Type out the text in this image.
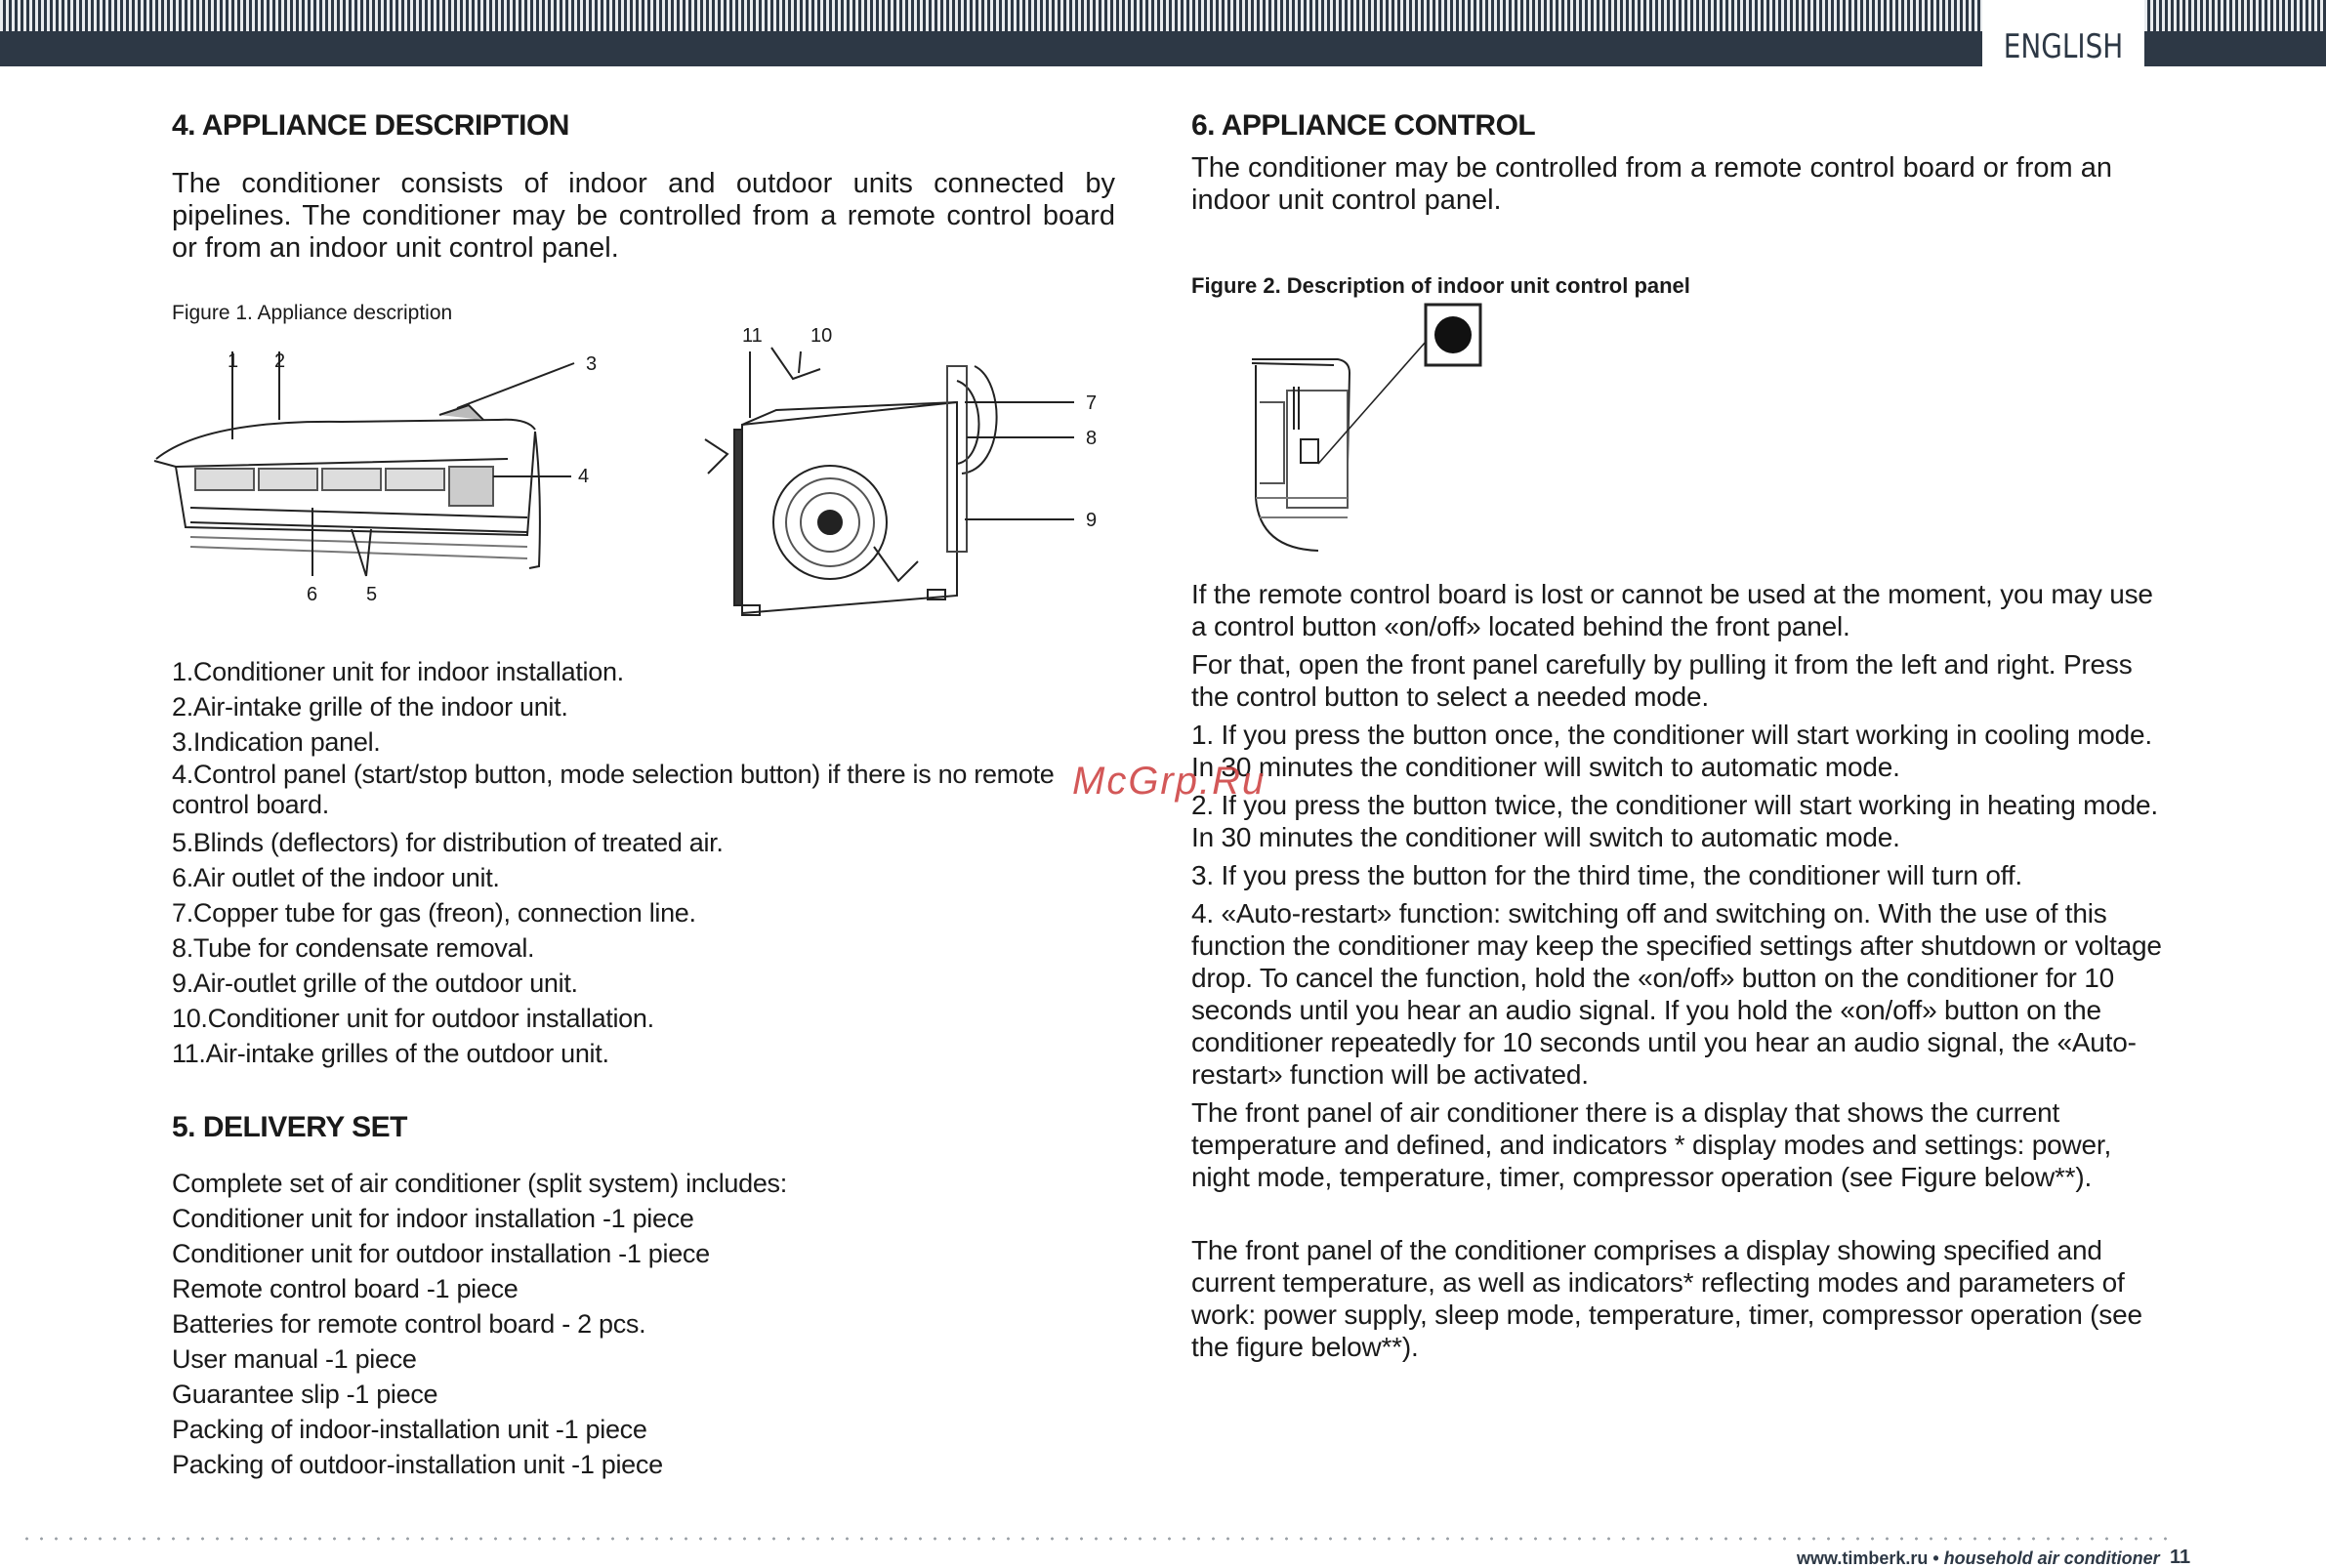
ENGLISH
4. APPLIANCE DESCRIPTION

The conditioner consists of indoor and outdoor units connected by pipelines. The conditioner may be controlled from a remote control board or from an indoor unit control panel.

Figure 1. Appliance description

1 2	3
4
5
6
7
8
9
10
11
1.Conditioner unit for indoor installation.
2.Air-intake grille of the indoor unit.
3.Indication panel.
4.Control panel (start/stop button, mode selection button) if there is no remote control board.
5.Blinds (deflectors) for distribution of treated air.
6.Air outlet of the indoor unit.
7.Copper tube for gas (freon), connection line.
8.Tube for condensate removal.
9.Air-outlet grille of the outdoor unit.
10.Conditioner unit for outdoor installation.
11.Air-intake grilles of the outdoor unit.
5. DELIVERY SET
Complete set of air conditioner (split system) includes:
Conditioner unit for indoor installation -1 piece
Conditioner unit for outdoor installation -1 piece
Remote control board -1 piece
Batteries for remote control board - 2 pcs.
User manual -1 piece
Guarantee slip -1 piece
Packing of indoor-installation unit -1 piece
Packing of outdoor-installation unit -1 piece
6. APPLIANCE CONTROL

The conditioner may be controlled from a remote control board or from an indoor unit control panel.

Figure 2. Description of indoor unit control panel

If the remote control board is lost or cannot be used at the moment, you may use a control button «on/off» located behind the front panel.

For that, open the front panel carefully by pulling it from the left and right. Press the control button to select a needed mode.

1. If you press the button once, the conditioner will start working in cooling mode. In 30 minutes the conditioner will switch to automatic mode.

2. If you press the button twice, the conditioner will start working in heating mode. In 30 minutes the conditioner will switch to automatic mode.

3. If you press the button for the third time, the conditioner will turn off.

4. «Auto-restart» function: switching off and switching on. With the use of this function the conditioner may keep the specified settings after shutdown or voltage drop. To cancel the function, hold the «on/off» button on the conditioner for 10 seconds until you hear an audio signal. If you hold the «on/off» button on the conditioner repeatedly for 10 seconds until you hear an audio signal, the «Auto-restart» function will be activated.

The front panel of air conditioner there is a display that shows the current temperature and defined, and indicators * display modes and settings: power, night mode, temperature, timer, compressor operation (see Figure below**).

The front panel of the conditioner comprises a display showing specified and current temperature, as well as indicators* reflecting modes and parameters of work: power supply, sleep mode, temperature, timer, compressor operation (see the figure below**).

McGrp.Ru
www.timberk.ru • household air conditioner 11
